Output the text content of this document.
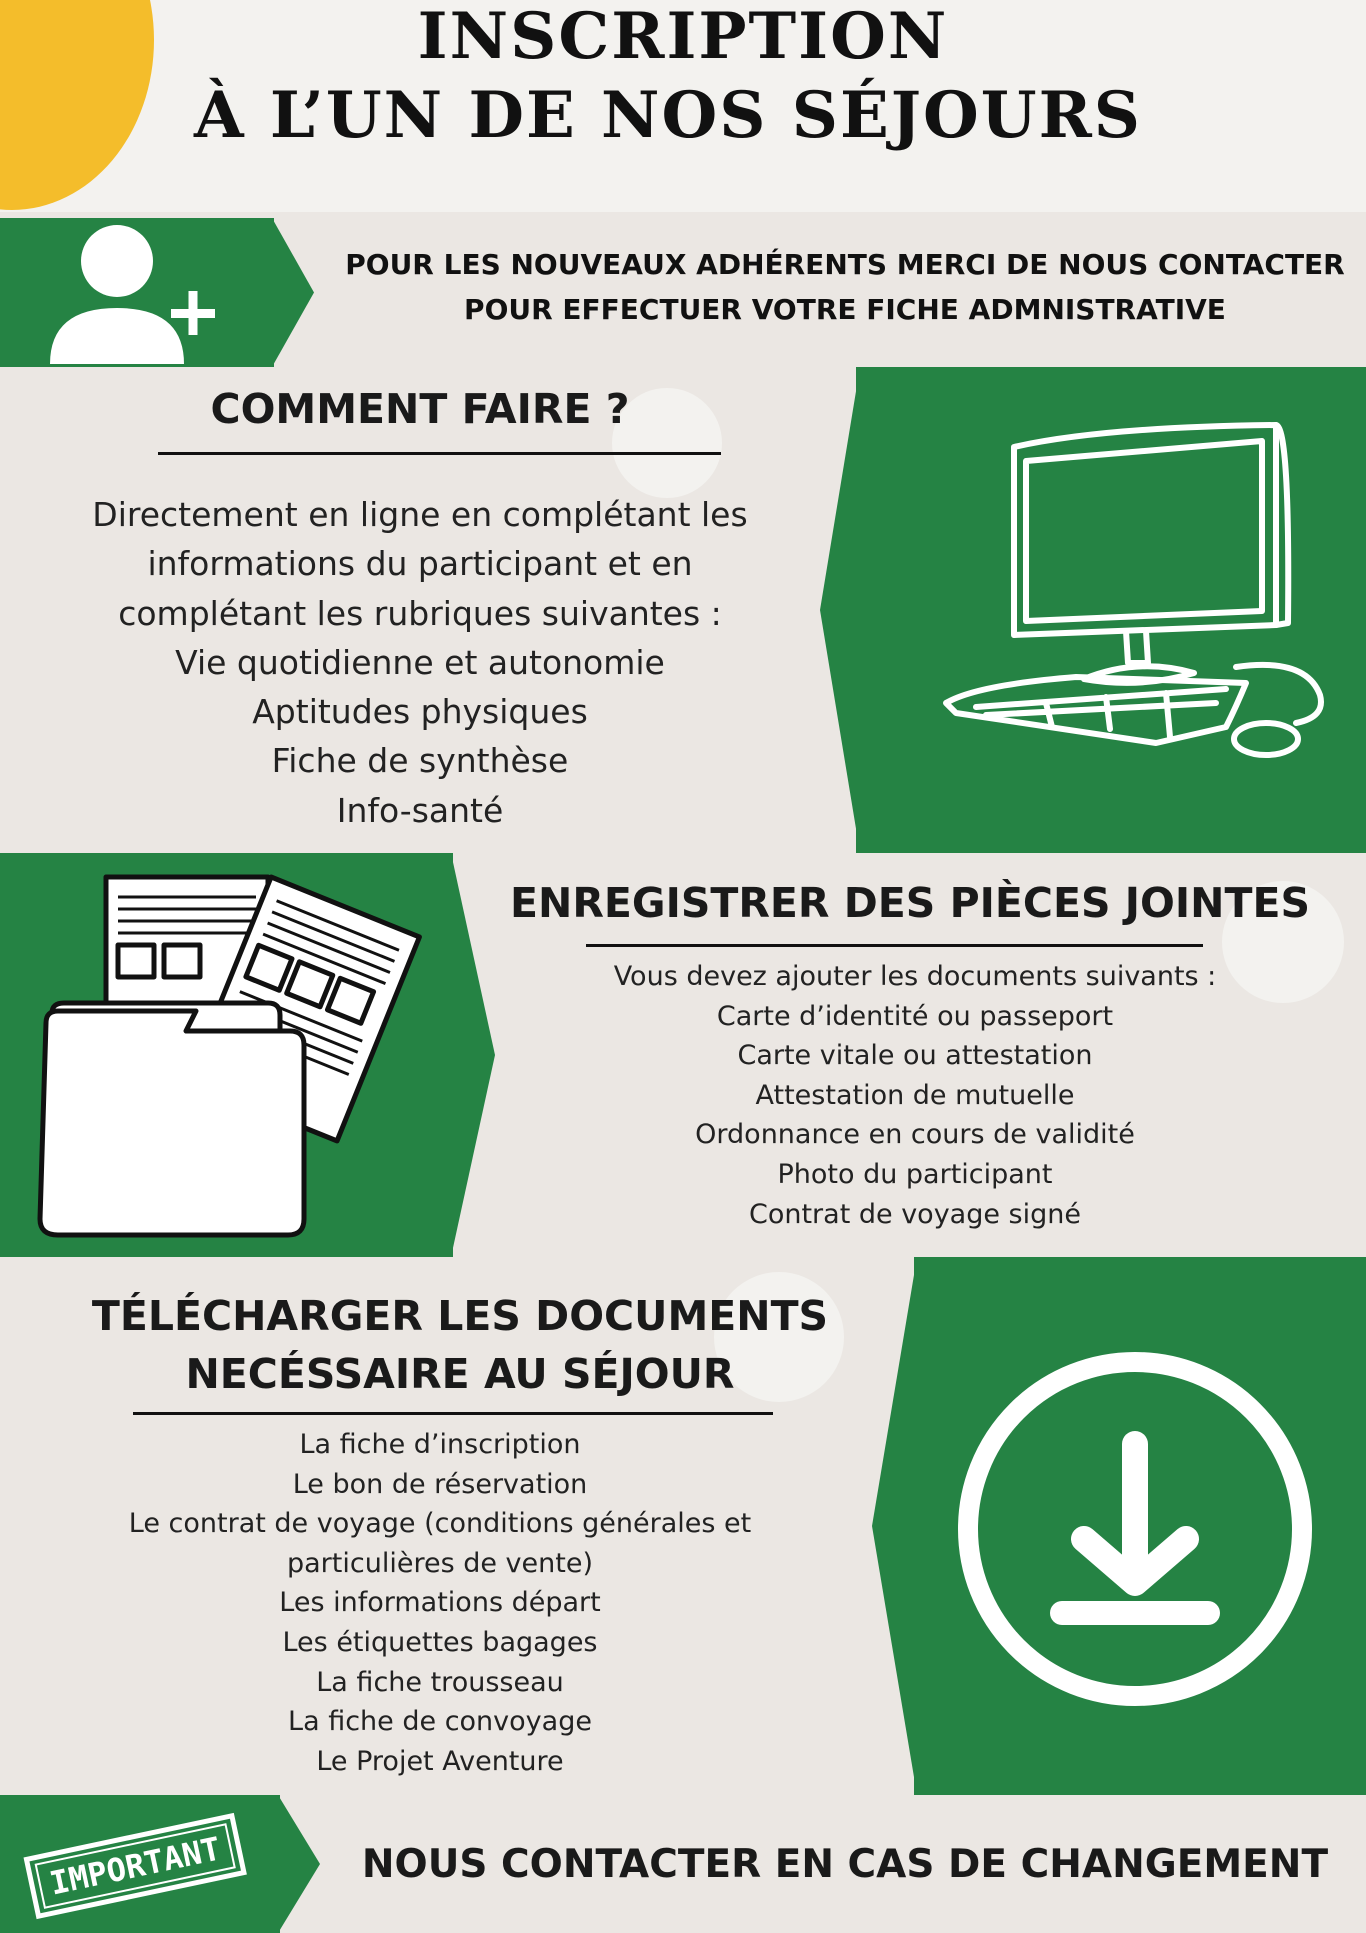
INSCRIPTION
À L’UN DE NOS SÉJOURS
POUR LES NOUVEAUX ADHÉRENTS MERCI DE NOUS CONTACTER
POUR EFFECTUER VOTRE FICHE ADMNISTRATIVE
COMMENT FAIRE ?
Directement en ligne en complétant les
informations du participant et en
complétant les rubriques suivantes :
Vie quotidienne et autonomie
Aptitudes physiques
Fiche de synthèse
Info-santé
ENREGISTRER DES PIÈCES JOINTES
Vous devez ajouter les documents suivants :
Carte d’identité ou passeport
Carte vitale ou attestation
Attestation de mutuelle
Ordonnance en cours de validité
Photo du participant
Contrat de voyage signé
TÉLÉCHARGER LES DOCUMENTS
NECÉSSAIRE AU SÉJOUR
La fiche d’inscription
Le bon de réservation
Le contrat de voyage (conditions générales et
particulières de vente)
Les informations départ
Les étiquettes bagages
La fiche trousseau
La fiche de convoyage
Le Projet Aventure
IMPORTANT	NOUS CONTACTER EN CAS DE CHANGEMENT
